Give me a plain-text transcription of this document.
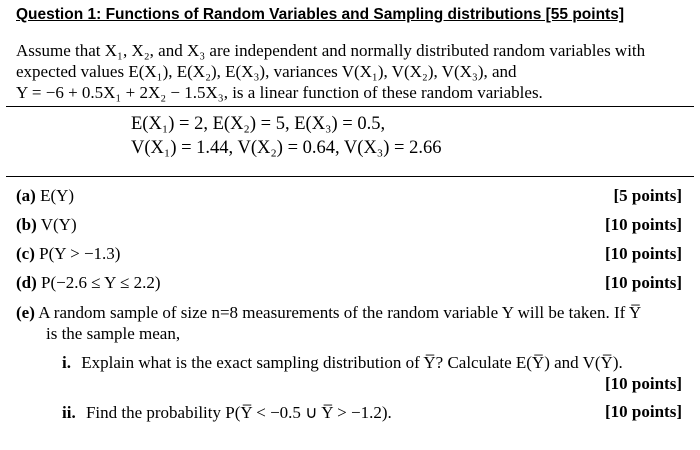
Question 1: Functions of Random Variables and Sampling distributions [55 points]
Assume that X₁, X₂, and X₃ are independent and normally distributed random variables with
expected values E(X₁), E(X₂), E(X₃), variances V(X₁), V(X₂), V(X₃), and
Y = −6 + 0.5X₁ + 2X₂ − 1.5X₃, is a linear function of these random variables.
E(X₁) = 2, E(X₂) = 5, E(X₃) = 0.5,
V(X₁) = 1.44, V(X₂) = 0.64, V(X₃) = 2.66
(a) E(Y)	[5 points]
(b) V(Y)	[10 points]
(c) P(Y > −1.3)	[10 points]
(d) P(−2.6 ≤ Y ≤ 2.2)	[10 points]
(e) A random sample of size n=8 measurements of the random variable Y will be taken. If Y̅
is the sample mean,
i. Explain what is the exact sampling distribution of Y̅? Calculate E(Y̅) and V(Y̅).
[10 points]
ii. Find the probability P(Y̅ < −0.5 ∪ Y̅ > −1.2).	[10 points]
